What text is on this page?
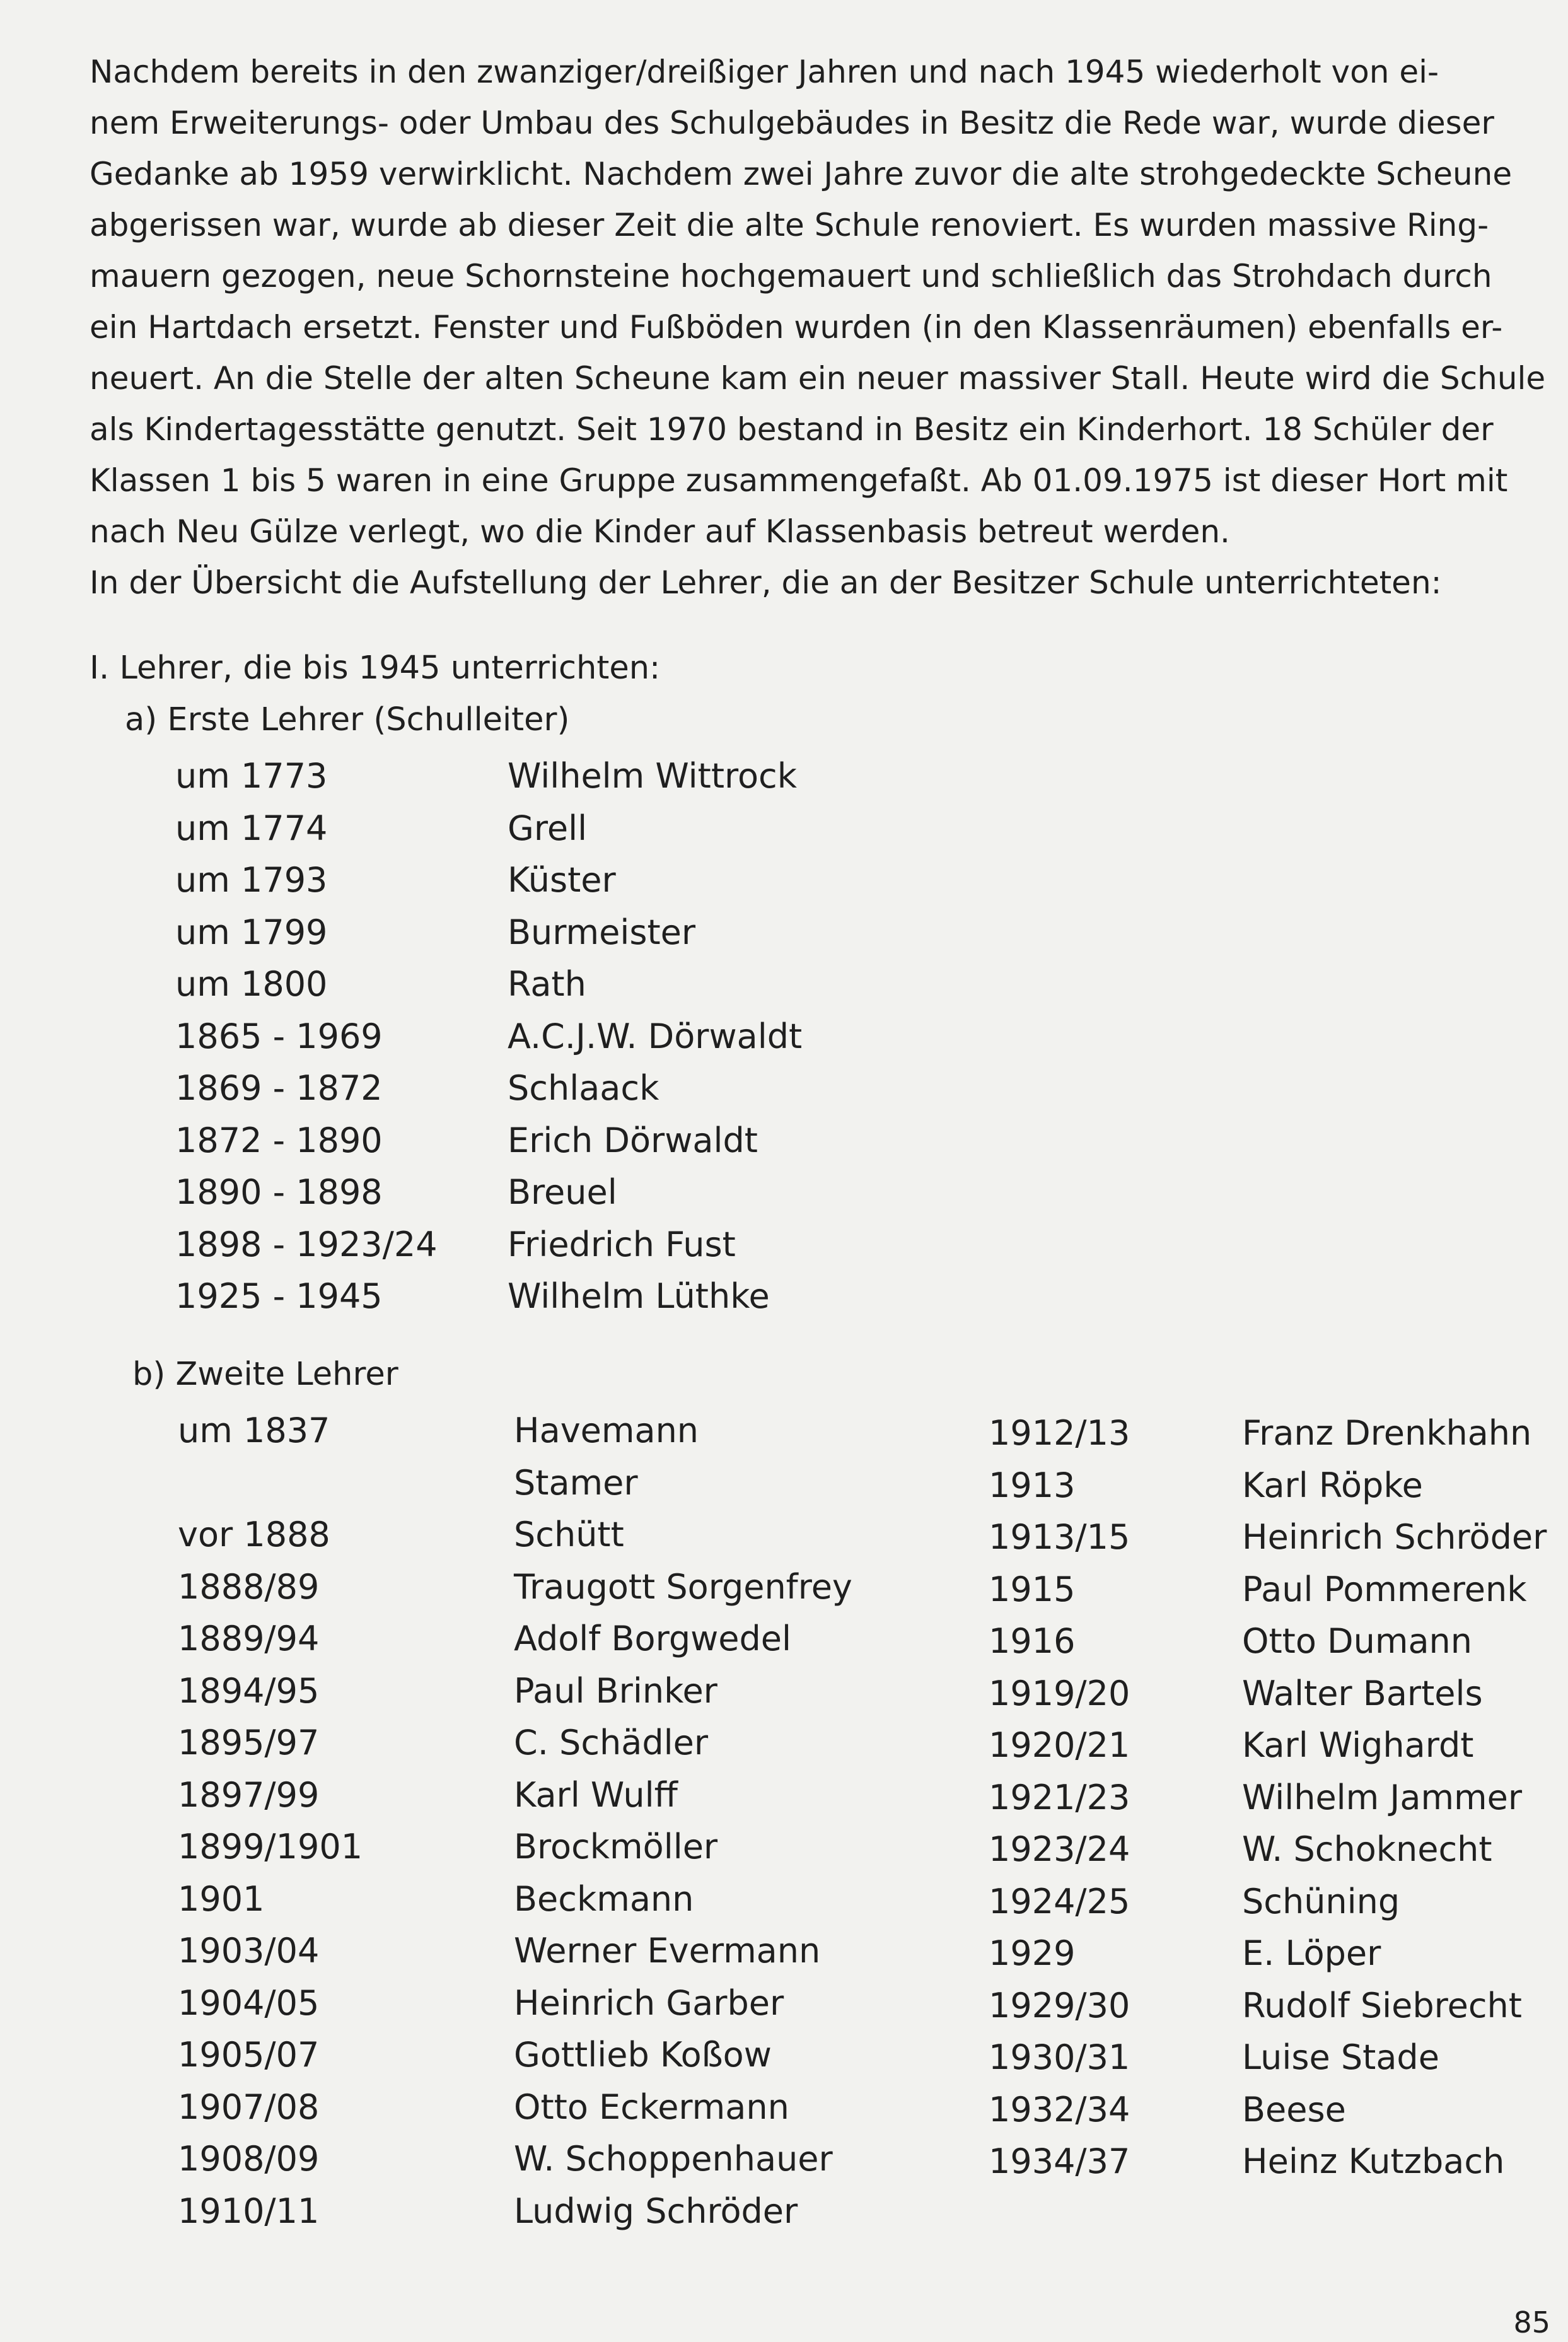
Nachdem bereits in den zwanziger/dreißiger Jahren und nach 1945 wiederholt von ei-
nem Erweiterungs- oder Umbau des Schulgebäudes in Besitz die Rede war, wurde dieser
Gedanke ab 1959 verwirklicht. Nachdem zwei Jahre zuvor die alte strohgedeckte Scheune
abgerissen war, wurde ab dieser Zeit die alte Schule renoviert. Es wurden massive Ring-
mauern gezogen, neue Schornsteine hochgemauert und schließlich das Strohdach durch
ein Hartdach ersetzt. Fenster und Fußböden wurden (in den Klassenräumen) ebenfalls er-
neuert. An die Stelle der alten Scheune kam ein neuer massiver Stall. Heute wird die Schule
als Kindertagesstätte genutzt. Seit 1970 bestand in Besitz ein Kinderhort. 18 Schüler der
Klassen 1 bis 5 waren in eine Gruppe zusammengefaßt. Ab 01.09.1975 ist dieser Hort mit
nach Neu Gülze verlegt, wo die Kinder auf Klassenbasis betreut werden.
In der Übersicht die Aufstellung der Lehrer, die an der Besitzer Schule unterrichteten:
I. Lehrer, die bis 1945 unterrichten:
a) Erste Lehrer (Schulleiter)
um 1773
um 1774
um 1793
um 1799
um 1800
1865 - 1969
1869 - 1872
1872 - 1890
1890 - 1898
1898 - 1923/24
1925 - 1945
Wilhelm Wittrock
Grell
Küster
Burmeister
Rath
A.C.J.W. Dörwaldt
Schlaack
Erich Dörwaldt
Breuel
Friedrich Fust
Wilhelm Lüthke
b) Zweite Lehrer
um 1837
vor 1888
1888/89
1889/94
1894/95
1895/97
1897/99
1899/1901
1901
1903/04
1904/05
1905/07
1907/08
1908/09
1910/11
Havemann
Stamer
Schütt
Traugott Sorgenfrey
Adolf Borgwedel
Paul Brinker
C. Schädler
Karl Wulff
Brockmöller
Beckmann
Werner Evermann
Heinrich Garber
Gottlieb Koßow
Otto Eckermann
W. Schoppenhauer
Ludwig Schröder
1912/13
1913
1913/15
1915
1916
1919/20
1920/21
1921/23
1923/24
1924/25
1929
1929/30
1930/31
1932/34
1934/37
Franz Drenkhahn
Karl Röpke
Heinrich Schröder
Paul Pommerenk
Otto Dumann
Walter Bartels
Karl Wighardt
Wilhelm Jammer
W. Schoknecht
Schüning
E. Löper
Rudolf Siebrecht
Luise Stade
Beese
Heinz Kutzbach
85
